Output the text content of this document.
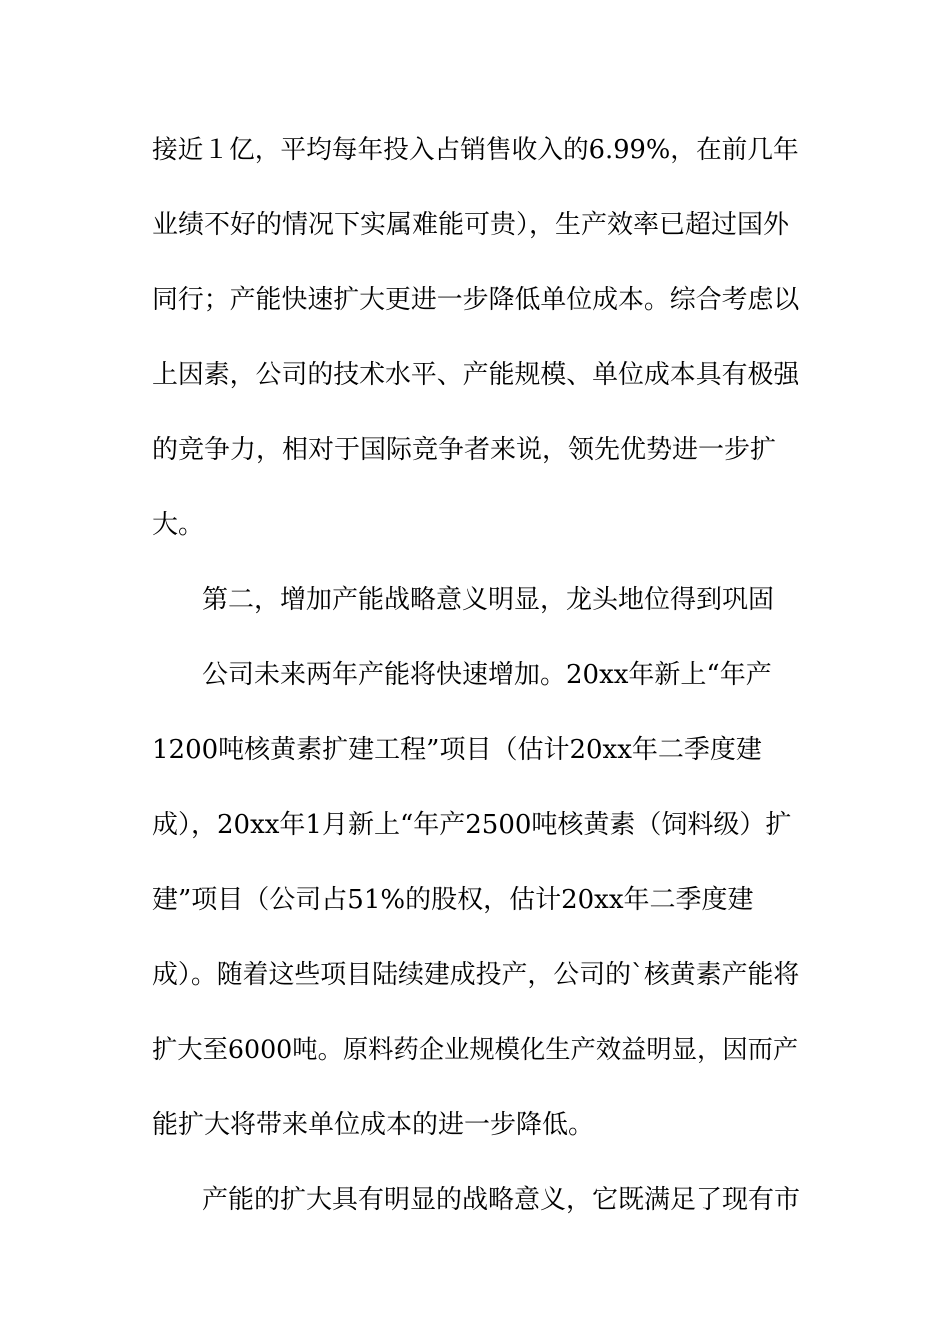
接近１亿，平均每年投入占销售收入的6.99%，在前几年

业绩不好的情况下实属难能可贵），生产效率已超过国外

同行；产能快速扩大更进一步降低单位成本。综合考虑以

上因素，公司的技术水平、产能规模、单位成本具有极强

的竞争力，相对于国际竞争者来说，领先优势进一步扩

大。

第二，增加产能战略意义明显，龙头地位得到巩固

公司未来两年产能将快速增加。20xx年新上“年产

1200吨核黄素扩建工程”项目（估计20xx年二季度建

成），20xx年1月新上“年产2500吨核黄素（饲料级）扩

建”项目（公司占51%的股权，估计20xx年二季度建

成）。随着这些项目陆续建成投产，公司的`核黄素产能将

扩大至6000吨。原料药企业规模化生产效益明显，因而产

能扩大将带来单位成本的进一步降低。

产能的扩大具有明显的战略意义，它既满足了现有市
